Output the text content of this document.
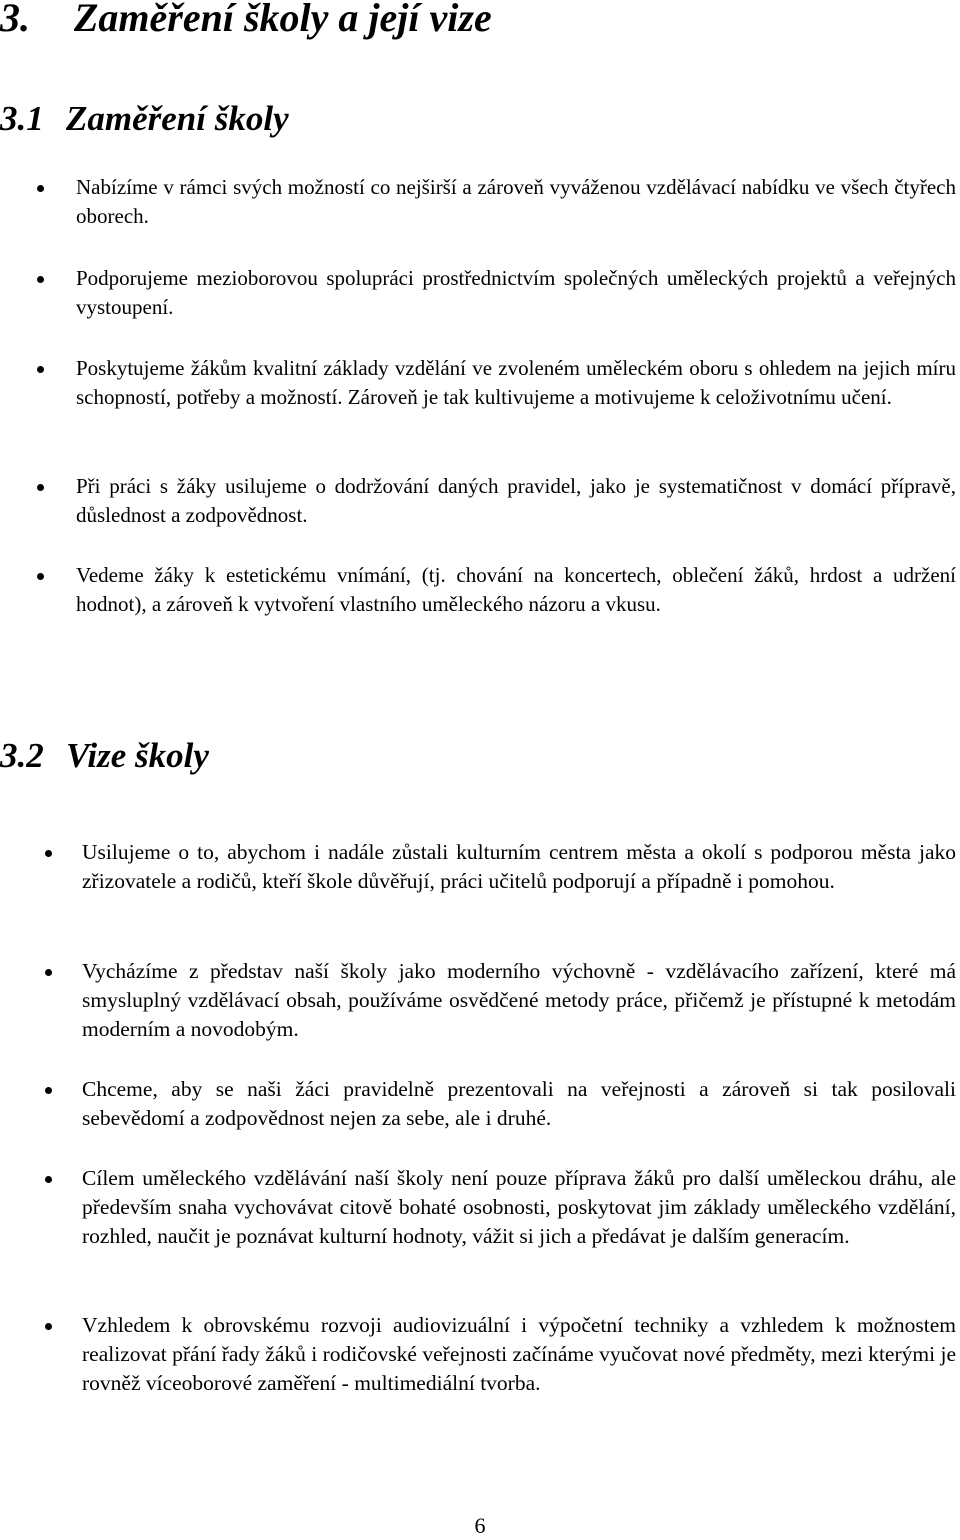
3. Zaměření školy a její vize
3.1 Zaměření školy
Nabízíme v rámci svých možností co nejširší a zároveň vyváženou vzdělávací nabídku ve všech čtyřech oborech.
Podporujeme mezioborovou spolupráci prostřednictvím společných uměleckých projektů a veřejných vystoupení.
Poskytujeme žákům kvalitní základy vzdělání ve zvoleném uměleckém oboru s ohledem na jejich míru schopností, potřeby a možností. Zároveň je tak kultivujeme a motivujeme k celoživotnímu učení.
Při práci s žáky usilujeme o dodržování daných pravidel, jako je systematičnost v domácí přípravě, důslednost a zodpovědnost.
Vedeme žáky k estetickému vnímání, (tj. chování na koncertech, oblečení žáků, hrdost a udržení hodnot), a zároveň k vytvoření vlastního uměleckého názoru a vkusu.
3.2 Vize školy
Usilujeme o to, abychom i nadále zůstali kulturním centrem města a okolí s podporou města jako zřizovatele a rodičů, kteří škole důvěřují, práci učitelů podporují a případně i pomohou.
Vycházíme z představ naší školy jako moderního výchovně - vzdělávacího zařízení, které má smysluplný vzdělávací obsah, používáme osvědčené metody práce, přičemž je přístupné k metodám moderním a novodobým.
Chceme, aby se naši žáci pravidelně prezentovali na veřejnosti a zároveň si tak posilovali sebevědomí a zodpovědnost nejen za sebe, ale i druhé.
Cílem uměleckého vzdělávání naší školy není pouze příprava žáků pro další uměleckou dráhu, ale především snaha vychovávat citově bohaté osobnosti, poskytovat jim základy uměleckého vzdělání, rozhled, naučit je poznávat kulturní hodnoty, vážit si jich a předávat je dalším generacím.
Vzhledem k obrovskému rozvoji audiovizuální i výpočetní techniky a vzhledem k možnostem realizovat přání řady žáků i rodičovské veřejnosti začínáme vyučovat nové předměty, mezi kterými je rovněž víceoborové zaměření - multimediální tvorba.
6
